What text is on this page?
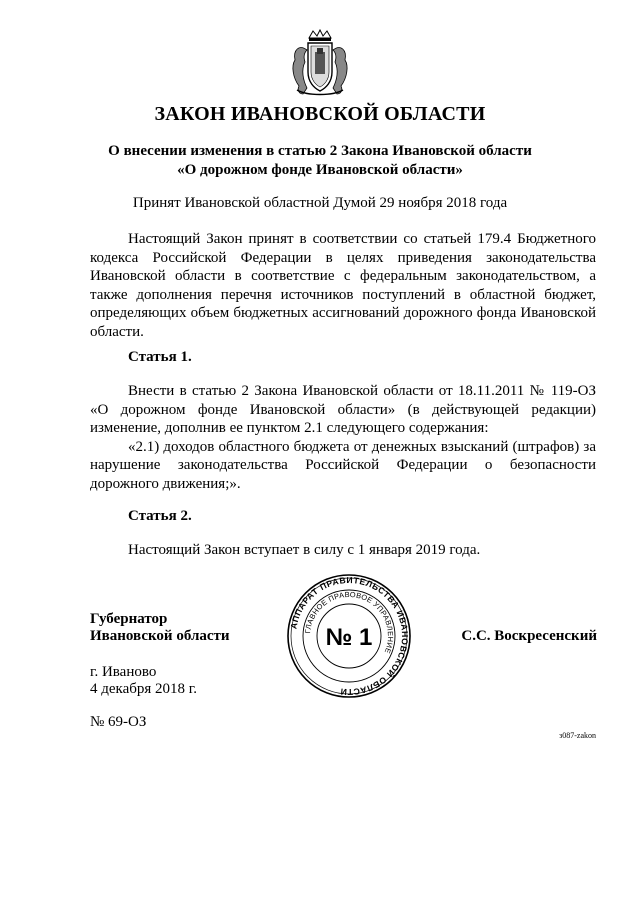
ЗАКОН ИВАНОВСКОЙ ОБЛАСТИ
О внесении изменения в статью 2 Закона Ивановской области
«О дорожном фонде Ивановской области»
Принят Ивановской областной Думой 29 ноября 2018 года
Настоящий Закон принят в соответствии со статьей 179.4 Бюджетного кодекса Российской Федерации в целях приведения законодательства Ивановской области в соответствие с федеральным законодательством, а также дополнения перечня источников поступлений в областной бюджет, определяющих объем бюджетных ассигнований дорожного фонда Ивановской области.
Статья 1.
Внести в статью 2 Закона Ивановской области от 18.11.2011 № 119-ОЗ «О дорожном фонде Ивановской области» (в действующей редакции) изменение, дополнив ее пунктом 2.1 следующего содержания:
«2.1) доходов областного бюджета от денежных взысканий (штрафов) за нарушение законодательства Российской Федерации о безопасности дорожного движения;».
Статья 2.
Настоящий Закон вступает в силу с 1 января 2019 года.
Губернатор
Ивановской области	С.С. Воскресенский
АППАРАТ ПРАВИТЕЛЬСТВА ИВАНОВСКОЙ ОБЛАСТИ
ГЛАВНОЕ ПРАВОВОЕ УПРАВЛЕНИЕ
№ 1
г. Иваново
4 декабря 2018 г.
№ 69-ОЗ
з087-zakon
